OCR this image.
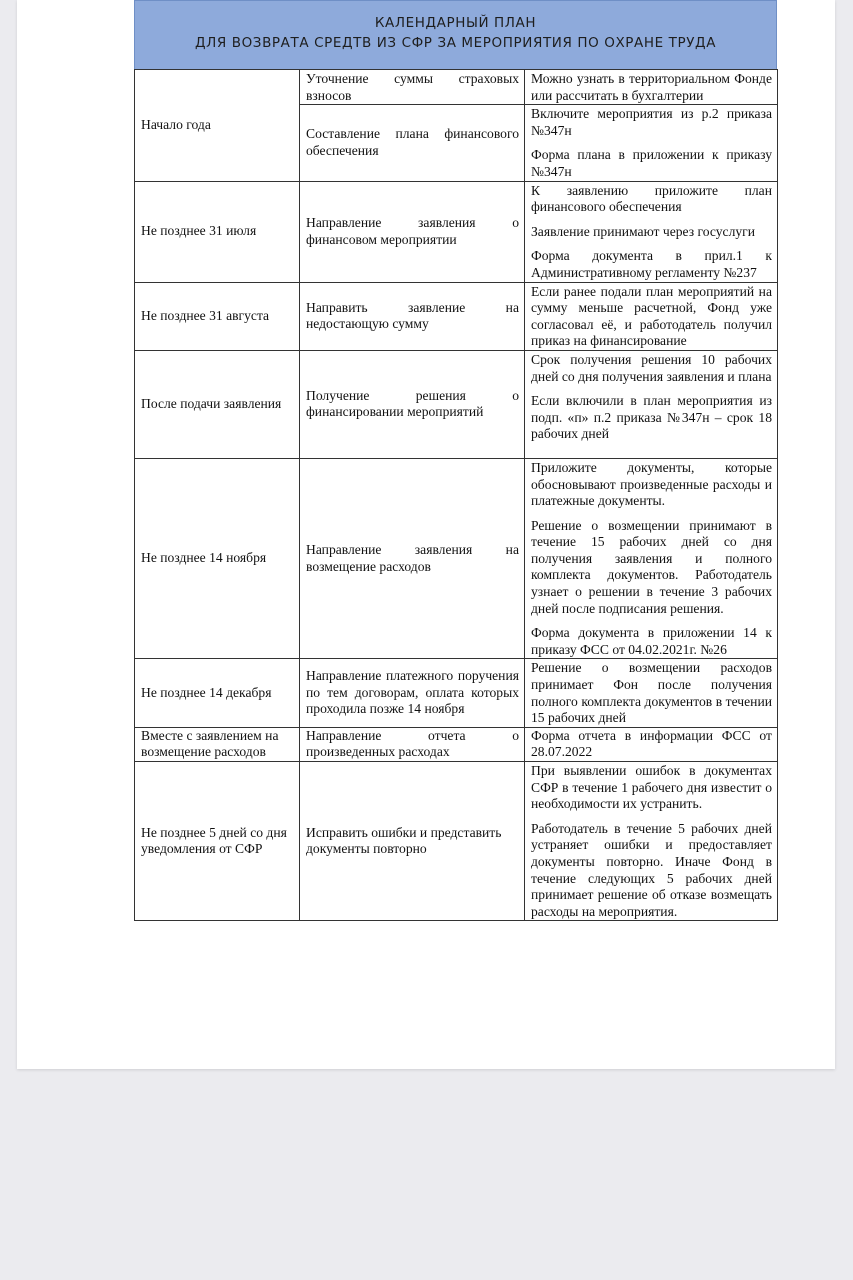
КАЛЕНДАРНЫЙ ПЛАН
ДЛЯ ВОЗВРАТА СРЕДТВ ИЗ СФР ЗА МЕРОПРИЯТИЯ ПО ОХРАНЕ ТРУДА
Начало года	Уточнение суммы страховых взносов	Можно узнать в территориальном Фонде или рассчитать в бухгалтерии

	Составление плана финансового обеспечения	Включите мероприятия из р.2 приказа №347н

Форма плана в приложении к приказу №347н

Не позднее 31 июля	Направление заявления о финансовом мероприятии	К заявлению приложите план финансового обеспечения

Заявление принимают через госуслуги

Форма документа в прил.1 к Административному регламенту №237

Не позднее 31 августа	Направить заявление на недостающую сумму	Если ранее подали план мероприятий на сумму меньше расчетной, Фонд уже согласовал её, и работодатель получил приказ на финансирование

После подачи заявления	Получение решения о финансировании мероприятий	Срок получения решения 10 рабочих дней со дня получения заявления и плана

Если включили в план мероприятия из подп. «п» п.2 приказа №347н – срок 18 рабочих дней

Не позднее 14 ноября	Направление заявления на возмещение расходов	Приложите документы, которые обосновывают произведенные расходы и платежные документы.

Решение о возмещении принимают в течение 15 рабочих дней со дня получения заявления и полного комплекта документов. Работодатель узнает о решении в течение 3 рабочих дней после подписания решения.

Форма документа в приложении 14 к приказу ФСС от 04.02.2021г. №26

Не позднее 14 декабря	Направление платежного поручения по тем договорам, оплата которых проходила позже 14 ноября	Решение о возмещении расходов принимает Фон после получения полного комплекта документов в течении 15 рабочих дней

Вместе с заявлением на возмещение расходов	Направление отчета о произведенных расходах	Форма отчета в информации ФСС от 28.07.2022

Не позднее 5 дней со дня уведомления от СФР	Исправить ошибки и представить документы повторно	При выявлении ошибок в документах СФР в течение 1 рабочего дня известит о необходимости их устранить.

Работодатель в течение 5 рабочих дней устраняет ошибки и предоставляет документы повторно. Иначе Фонд в течение следующих 5 рабочих дней принимает решение об отказе возмещать расходы на мероприятия.
